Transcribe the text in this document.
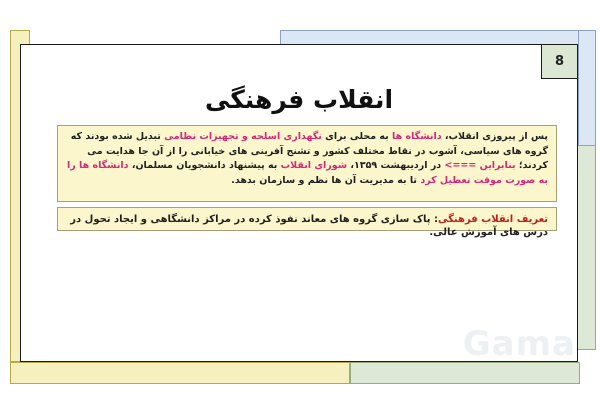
8
انقلاب فرهنگی
پس از پیروزی انقلاب، دانشگاه ها به محلی برای نگهداری اسلحه و تجهیزات نظامی تبدیل شده بودند که گروه های سیاسی، آشوب در نقاط مختلف کشور و تشنج آفرینی های خیابانی را از آن جا هدایت می کردند؛ بنابراین ===> در اردیبهشت ۱۳۵۹، شورای انقلاب به پیشنهاد دانشجویان مسلمان، دانشگاه ها را به صورت موقت تعطیل کرد تا به مدیریت آن ها نظم و سازمان بدهد.
تعریف انقلاب فرهنگی: پاک سازی گروه های معاند نفوذ کرده در مراکز دانشگاهی و ایجاد تحول در درس های آموزش عالی.
Gama
